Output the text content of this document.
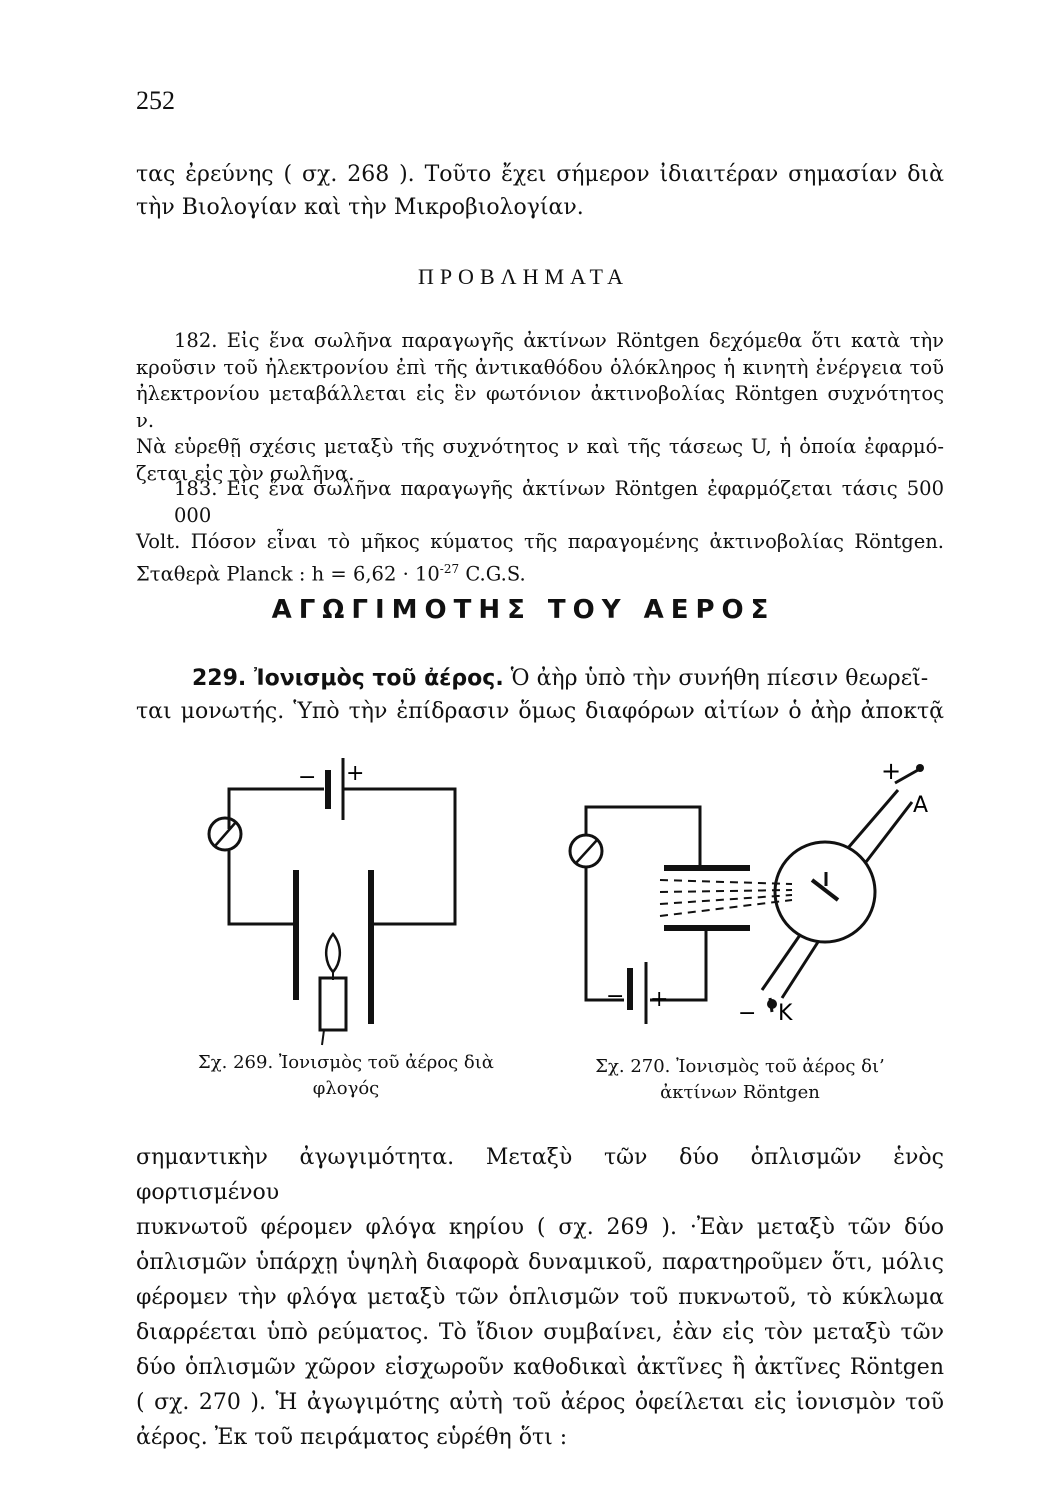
252
τας ἐρεύνης ( σχ. 268 ). Τοῦτο ἔχει σήμερον ἰδιαιτέραν σημασίαν διὰ
τὴν Βιολογίαν καὶ τὴν Μικροβιολογίαν.
ΠΡΟΒΛΗΜΑΤΑ
182. Εἰς ἕνα σωλῆνα παραγωγῆς ἀκτίνων Röntgen δεχόμεθα ὅτι κατὰ τὴν
κροῦσιν τοῦ ἠλεκτρονίου ἐπὶ τῆς ἀντικαθόδου ὁλόκληρος ἡ κινητὴ ἐνέργεια τοῦ
ἠλεκτρονίου μεταβάλλεται εἰς ἓν φωτόνιον ἀκτινοβολίας Röntgen συχνότητος ν.
Νὰ εὑρεθῇ σχέσις μεταξὺ τῆς συχνότητος ν καὶ τῆς τάσεως U, ἡ ὁποία ἐφαρμό-
ζεται εἰς τὸν σωλῆνα.
183. Εἰς ἕνα σωλῆνα παραγωγῆς ἀκτίνων Röntgen ἐφαρμόζεται τάσις 500 000
Volt. Πόσον εἶναι τὸ μῆκος κύματος τῆς παραγομένης ἀκτινοβολίας Röntgen.
Σταθερὰ Planck : $h = 6,62 \cdot 10^{-27}$ C.G.S.
ΑΓΩΓΙΜΟΤΗΣ ΤΟΥ ΑΕΡΟΣ
229. Ἰονισμὸς τοῦ ἀέρος. Ὁ ἀὴρ ὑπὸ τὴν συνήθη πίεσιν θεωρεῖ-
ται μονωτής. Ὑπὸ τὴν ἐπίδρασιν ὅμως διαφόρων αἰτίων ὁ ἀὴρ ἀποκτᾷ
− +
− +
+
A
− K
Σχ. 269. Ἰονισμὸς τοῦ ἀέρος διὰ
φλογός
Σχ. 270. Ἰονισμὸς τοῦ ἀέρος δι’
ἀκτίνων Röntgen
σημαντικὴν ἀγωγιμότητα. Μεταξὺ τῶν δύο ὁπλισμῶν ἑνὸς φορτισμένου
πυκνωτοῦ φέρομεν φλόγα κηρίου ( σχ. 269 ). ·Ἐὰν μεταξὺ τῶν δύο
ὁπλισμῶν ὑπάρχῃ ὑψηλὴ διαφορὰ δυναμικοῦ, παρατηροῦμεν ὅτι, μόλις
φέρομεν τὴν φλόγα μεταξὺ τῶν ὁπλισμῶν τοῦ πυκνωτοῦ, τὸ κύκλωμα
διαρρέεται ὑπὸ ρεύματος. Τὸ ἴδιον συμβαίνει, ἐὰν εἰς τὸν μεταξὺ τῶν
δύο ὁπλισμῶν χῶρον εἰσχωροῦν καθοδικαὶ ἀκτῖνες ἢ ἀκτῖνες Röntgen
( σχ. 270 ). Ἡ ἀγωγιμότης αὐτὴ τοῦ ἀέρος ὀφείλεται εἰς ἰονισμὸν τοῦ
ἀέρος. Ἐκ τοῦ πειράματος εὑρέθη ὅτι :
